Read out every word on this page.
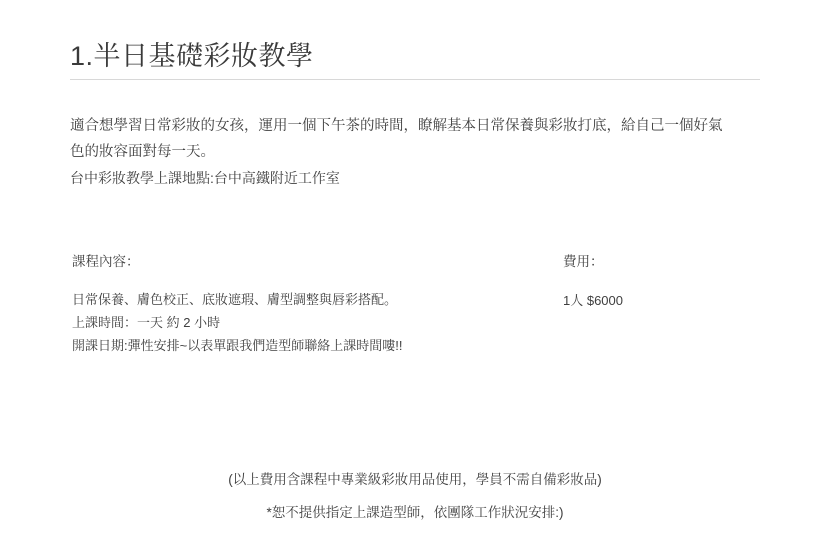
1.半日基礎彩妝教學

適合想學習日常彩妝的女孩，運用一個下午茶的時間，瞭解基本日常保養與彩妝打底，給自己一個好氣
色的妝容面對每一天。

台中彩妝教學上課地點:台中高鐵附近工作室

課程內容：	費用：
日常保養、膚色校正、底妝遮瑕、膚型調整與唇彩搭配。
上課時間：一天 約 2 小時
開課日期:彈性安排~以表單跟我們造型師聯絡上課時間嘍!!
1人 $6000
(以上費用含課程中專業級彩妝用品使用，學員不需自備彩妝品)
*恕不提供指定上課造型師，依團隊工作狀況安排:)
